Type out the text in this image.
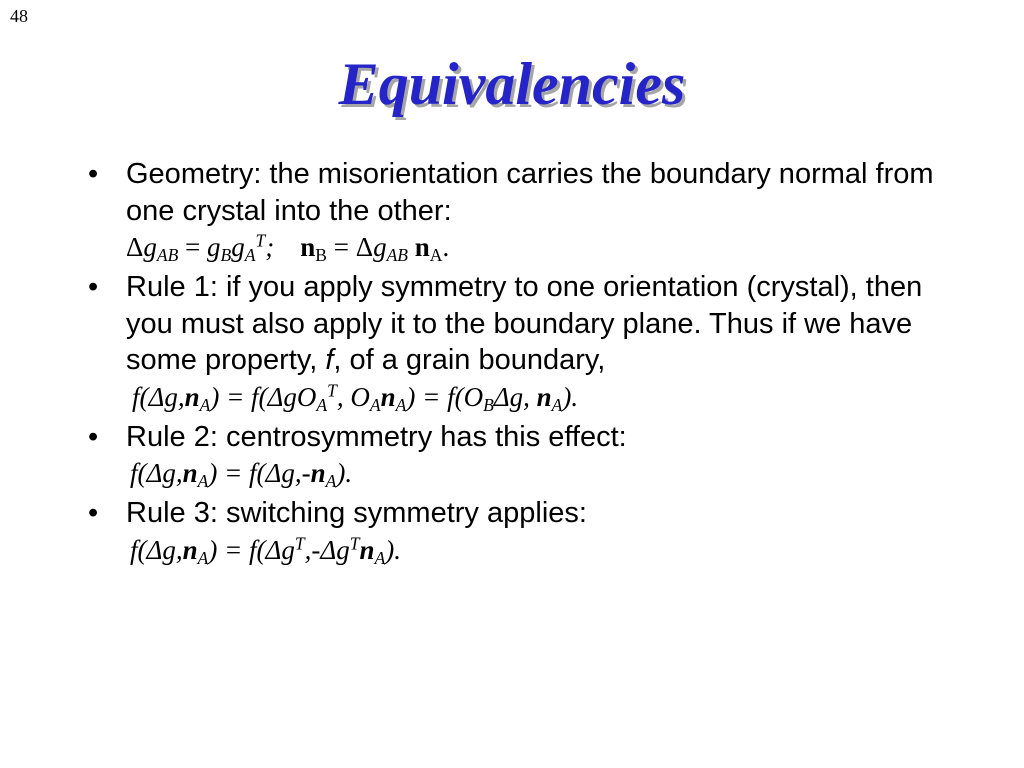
48
Equivalencies
• Geometry: the misorientation carries the boundary normal from one crystal into the other:
$\Delta g_{AB} = g_Bg_A^T$; $n_B = \Delta g_{AB}$ $n_A$.
• Rule 1: if you apply symmetry to one orientation (crystal), then you must also apply it to the boundary plane. Thus if we have some property, f, of a grain boundary,
$f(\Delta g,n_A) = f(\Delta gO_A^T$, $O_An_A) = f(O_B\Delta g$, $n_A$).
• Rule 2: centrosymmetry has this effect:
$f(\Delta g,n_A) = f(\Delta g,-n_A)$.
• Rule 3: switching symmetry applies:
$f(\Delta g,n_A) = f(\Delta g^T,-\Delta g^Tn_A)$.
